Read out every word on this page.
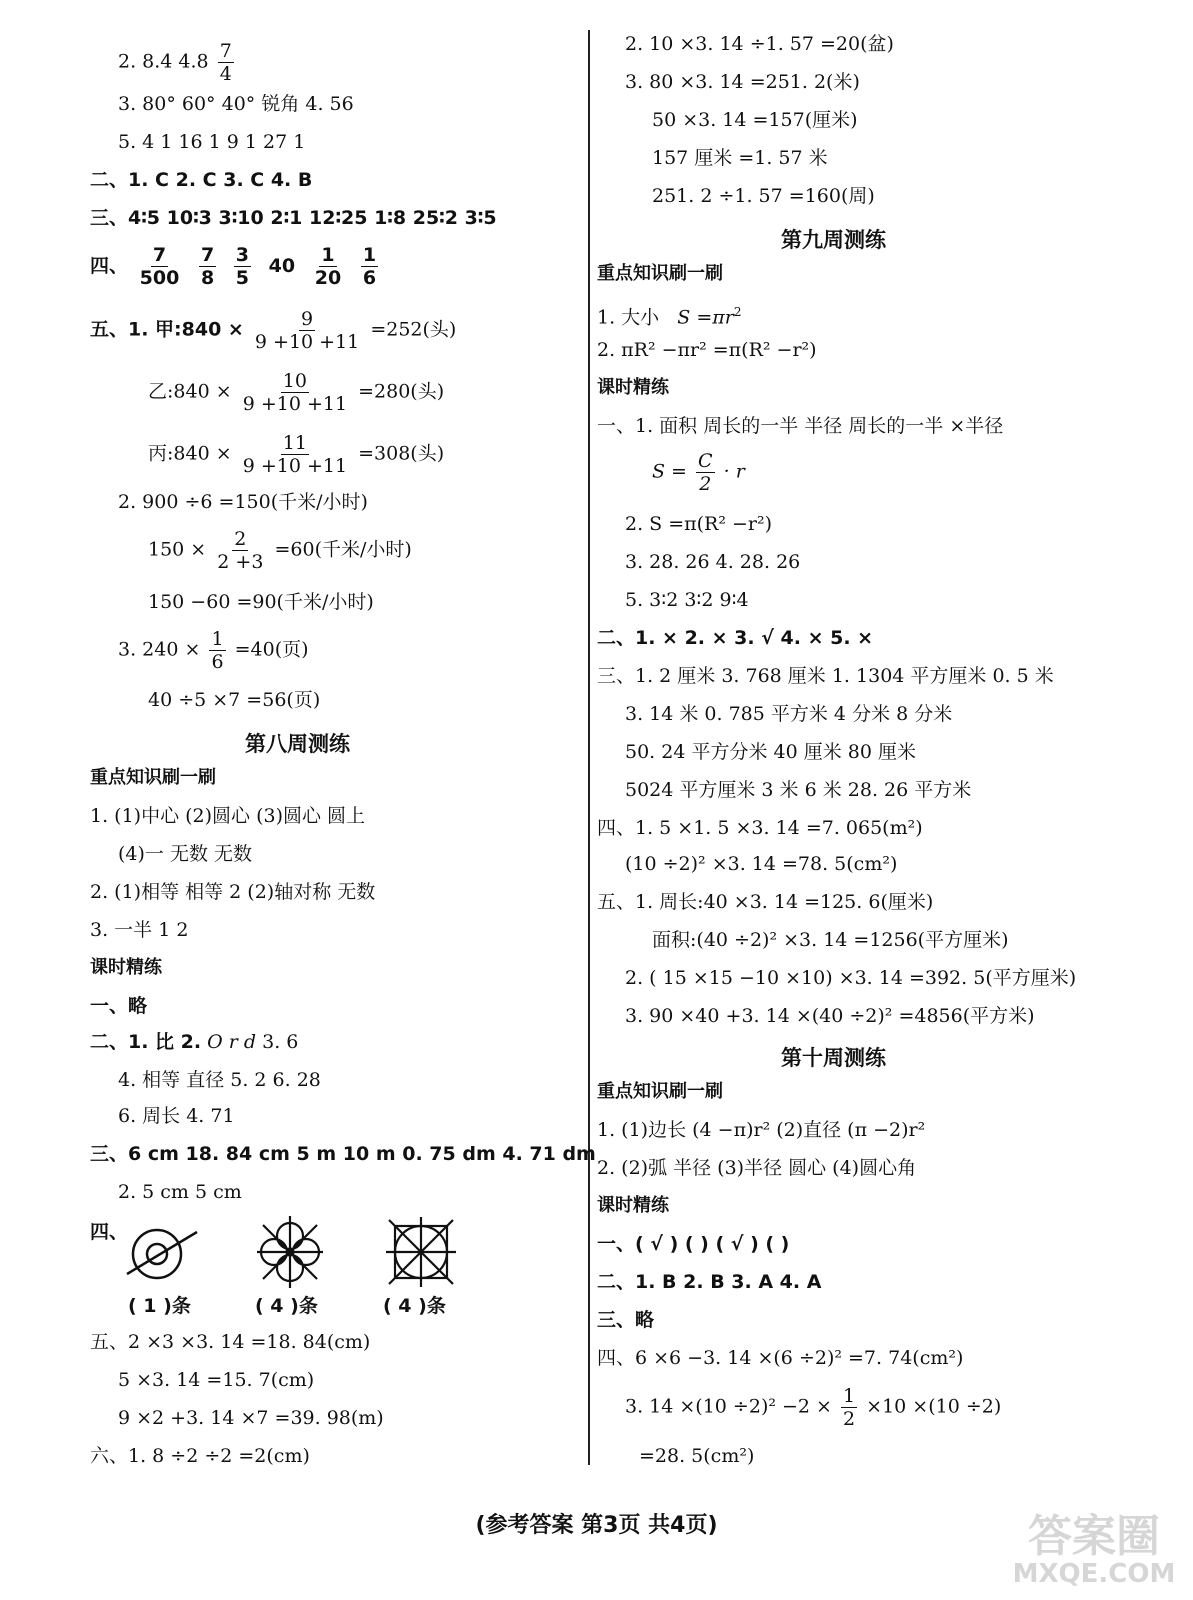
2. 8.4 $4.8 \frac{7}{4}$
3. 80° 60° 40° 锐角 4. 56
5. 4 1 16 1 9 1 27 1
二、1. C 2. C 3. C 4. B
三、4∶5 10∶3 3∶10 2∶1 12∶25 1∶8 25∶2 3∶5
四、 $\frac{7}{500}$
$\frac{7}{8}$
$\frac{3}{5} 40 \frac{1}{20}$
$\frac{1}{6}$
五、1. 甲:840 × $\frac{9}{9 +10 +11} =252$(头)
乙:840 × $\frac{10}{9 +10 +11} =280$(头)
丙:840 × $\frac{11}{9 +10 +11} =308$(头)
2. 900 ÷6 =150(千米/小时)
$150 \times \frac{2}{2 +3} =60$(千米/小时)
150 −60 =90(千米/小时)
3. $240 \times \frac{1}{6} =40$(页)
40 ÷5 ×7 =56(页)
第八周测练
重点知识刷一刷
1. (1)中心 (2)圆心 (3)圆心 圆上
(4)一 无数 无数
2. (1)相等 相等 2 (2)轴对称 无数
3. 一半 1 2
课时精练
一、略
二、1. 比 2. O r d 3. 6
4. 相等 直径 5. 2 6. 28
6. 周长 4. 71
三、6 cm 18. 84 cm 5 m 10 m 0. 75 dm 4. 71 dm
2. 5 cm 5 cm
四、
( 1 )条	( 4 )条	( 4 )条
五、2 ×3 ×3. 14 =18. 84(cm)
5 ×3. 14 =15. 7(cm)
9 ×2 +3. 14 ×7 =39. 98(m)
六、1. 8 ÷2 ÷2 =2(cm)
2. 10 ×3. 14 ÷1. 57 =20(盆)
3. 80 ×3. 14 =251. 2(米)
50 ×3. 14 =157(厘米)
157 厘米 =1. 57 米
251. 2 ÷1. 57 =160(周)
第九周测练
重点知识刷一刷
1. 大小 $S =\pi r^2$
2. πR² −πr² =π(R² −r²)
课时精练
一、1. 面积 周长的一半 半径 周长的一半 ×半径
$S = \frac{C}{2} \cdot r$
2. S =π(R² −r²)
3. 28. 26 4. 28. 26
5. 3∶2 3∶2 9∶4
二、1. × 2. × 3. √ 4. × 5. ×
三、1. 2 厘米 3. 768 厘米 1. 1304 平方厘米 0. 5 米
3. 14 米 0. 785 平方米 4 分米 8 分米
50. 24 平方分米 40 厘米 80 厘米
5024 平方厘米 3 米 6 米 28. 26 平方米
四、1. 5 ×1. 5 ×3. 14 =7. 065(m²)
(10 ÷2)² ×3. 14 =78. 5(cm²)
五、1. 周长:40 ×3. 14 =125. 6(厘米)
面积:(40 ÷2)² ×3. 14 =1256(平方厘米)
2. ( 15 ×15 −10 ×10) ×3. 14 =392. 5(平方厘米)
3. 90 ×40 +3. 14 ×(40 ÷2)² =4856(平方米)
第十周测练
重点知识刷一刷
1. (1)边长 (4 −π)r² (2)直径 (π −2)r²
2. (2)弧 半径 (3)半径 圆心 (4)圆心角
课时精练
一、( √ ) ( ) ( √ ) ( )
二、1. B 2. B 3. A 4. A
三、略
四、6 ×6 −3. 14 ×(6 ÷2)² =7. 74(cm²)
3. $14 \times(10 \div 2)^2 -2 \times \frac{1}{2} \times 10 \times(10 \div 2)$
=28. 5(cm²)
(参考答案 第3页 共4页)	答案圈
MXQE.COM
